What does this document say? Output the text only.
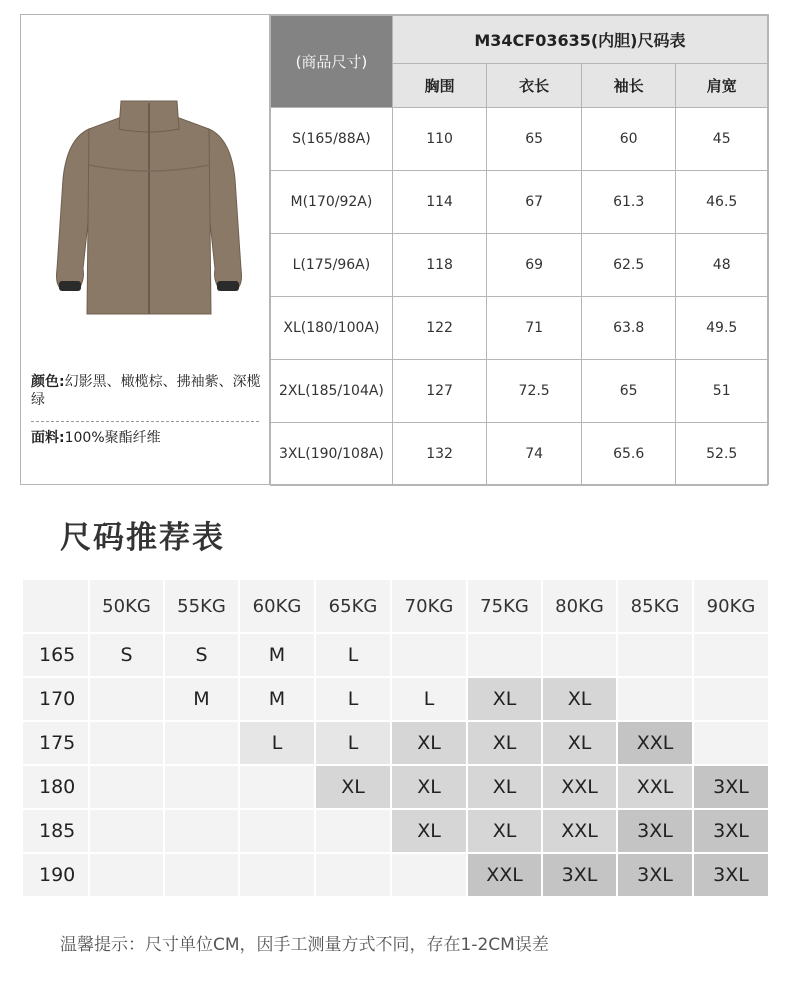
颜色:幻影黑、橄榄棕、拂袖紫、深榄绿
面料:100%聚酯纤维
(商品尺寸)	M34CF03635(内胆)尺码表			
	胸围	衣长	袖长	肩宽
S(165/88A)	110	65	60	45
M(170/92A)	114	67	61.3	46.5
L(175/96A)	118	69	62.5	48
XL(180/100A)	122	71	63.8	49.5
2XL(185/104A)	127	72.5	65	51
3XL(190/108A)	132	74	65.6	52.5
尺码推荐表
	50KG	55KG	60KG	65KG	70KG	75KG	80KG	85KG	90KG
165	S	S	M	L					
170		M	M	L	L	XL	XL		
175			L	L	XL	XL	XL	XXL	
180				XL	XL	XL	XXL	XXL	3XL
185					XL	XL	XXL	3XL	3XL
190						XXL	3XL	3XL	3XL
温馨提示：尺寸单位CM，因手工测量方式不同，存在1-2CM误差
